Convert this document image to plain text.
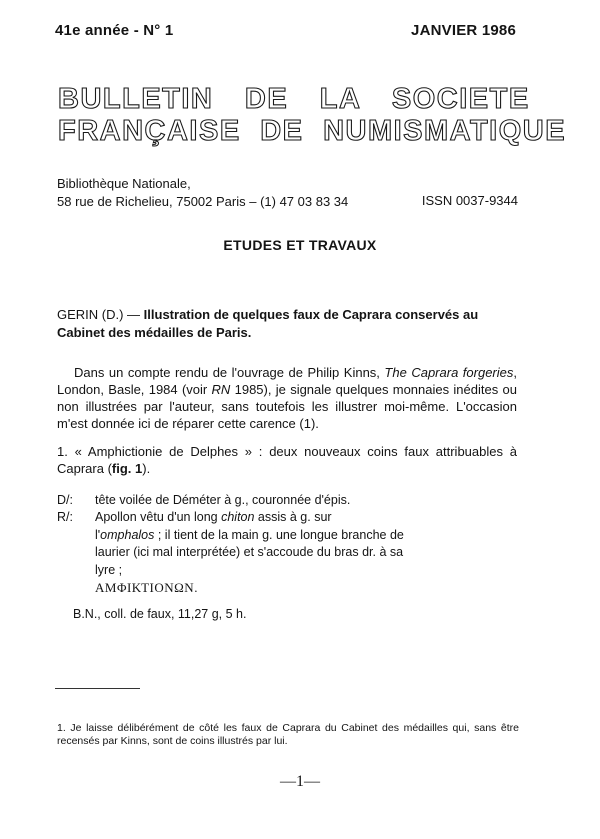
41e année - N° 1	JANVIER 1986
BULLETIN DE LA SOCIETE
FRANÇAISE DE NUMISMATIQUE
Bibliothèque Nationale,
58 rue de Richelieu, 75002 Paris – (1) 47 03 83 34	ISSN 0037-9344
ETUDES ET TRAVAUX
GERIN (D.) — Illustration de quelques faux de Caprara conservés au Cabinet des médailles de Paris.
Dans un compte rendu de l'ouvrage de Philip Kinns, The Caprara forgeries, London, Basle, 1984 (voir RN 1985), je signale quelques monnaies inédites ou non illustrées par l'auteur, sans toutefois les illustrer moi-même. L'occasion m'est donnée ici de réparer cette carence (1).
1. « Amphictionie de Delphes » : deux nouveaux coins faux attribuables à Caprara (fig. 1).
D/: tête voilée de Déméter à g., couronnée d'épis.
R/: Apollon vêtu d'un long chiton assis à g. sur
l'omphalos ; il tient de la main g. une longue branche de laurier (ici mal interprétée) et s'accoude du bras dr. à sa lyre ;
ΑΜΦΙΚΤΙΟΝΩΝ.
B.N., coll. de faux, 11,27 g, 5 h.
1. Je laisse délibérément de côté les faux de Caprara du Cabinet des médailles qui, sans être recensés par Kinns, sont de coins illustrés par lui.
—1—
